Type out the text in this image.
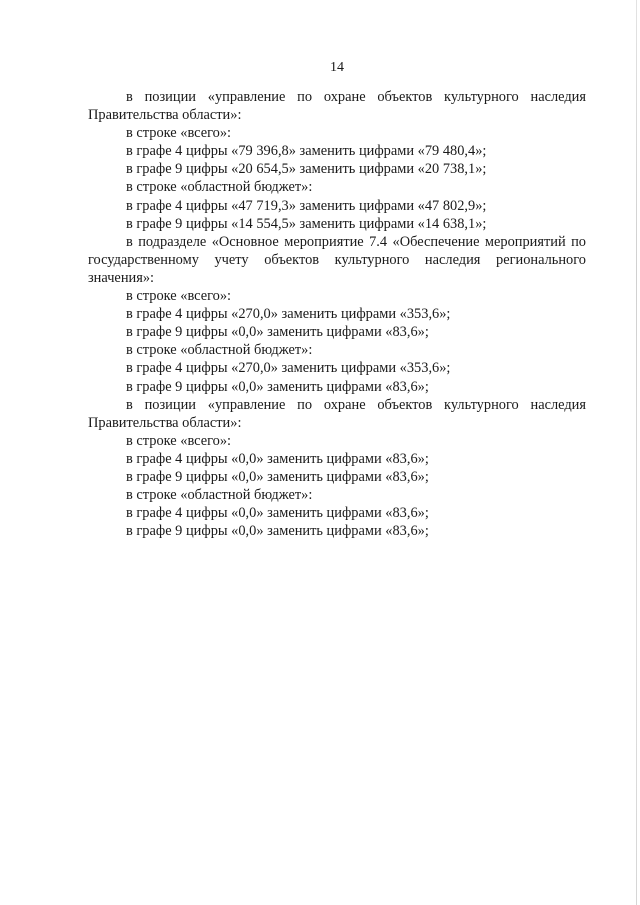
14

в позиции «управление по охране объектов культурного наследия Правительства области»:

в строке «всего»:

в графе 4 цифры «79 396,8» заменить цифрами «79 480,4»;

в графе 9 цифры «20 654,5» заменить цифрами «20 738,1»;

в строке «областной бюджет»:

в графе 4 цифры «47 719,3» заменить цифрами «47 802,9»;

в графе 9 цифры «14 554,5» заменить цифрами «14 638,1»;

в подразделе «Основное мероприятие 7.4 «Обеспечение мероприятий по государственному учету объектов культурного наследия регионального значения»:

в строке «всего»:

в графе 4 цифры «270,0» заменить цифрами «353,6»;

в графе 9 цифры «0,0» заменить цифрами «83,6»;

в строке «областной бюджет»:

в графе 4 цифры «270,0» заменить цифрами «353,6»;

в графе 9 цифры «0,0» заменить цифрами «83,6»;

в позиции «управление по охране объектов культурного наследия Правительства области»:

в строке «всего»:

в графе 4 цифры «0,0» заменить цифрами «83,6»;

в графе 9 цифры «0,0» заменить цифрами «83,6»;

в строке «областной бюджет»:

в графе 4 цифры «0,0» заменить цифрами «83,6»;

в графе 9 цифры «0,0» заменить цифрами «83,6»;
